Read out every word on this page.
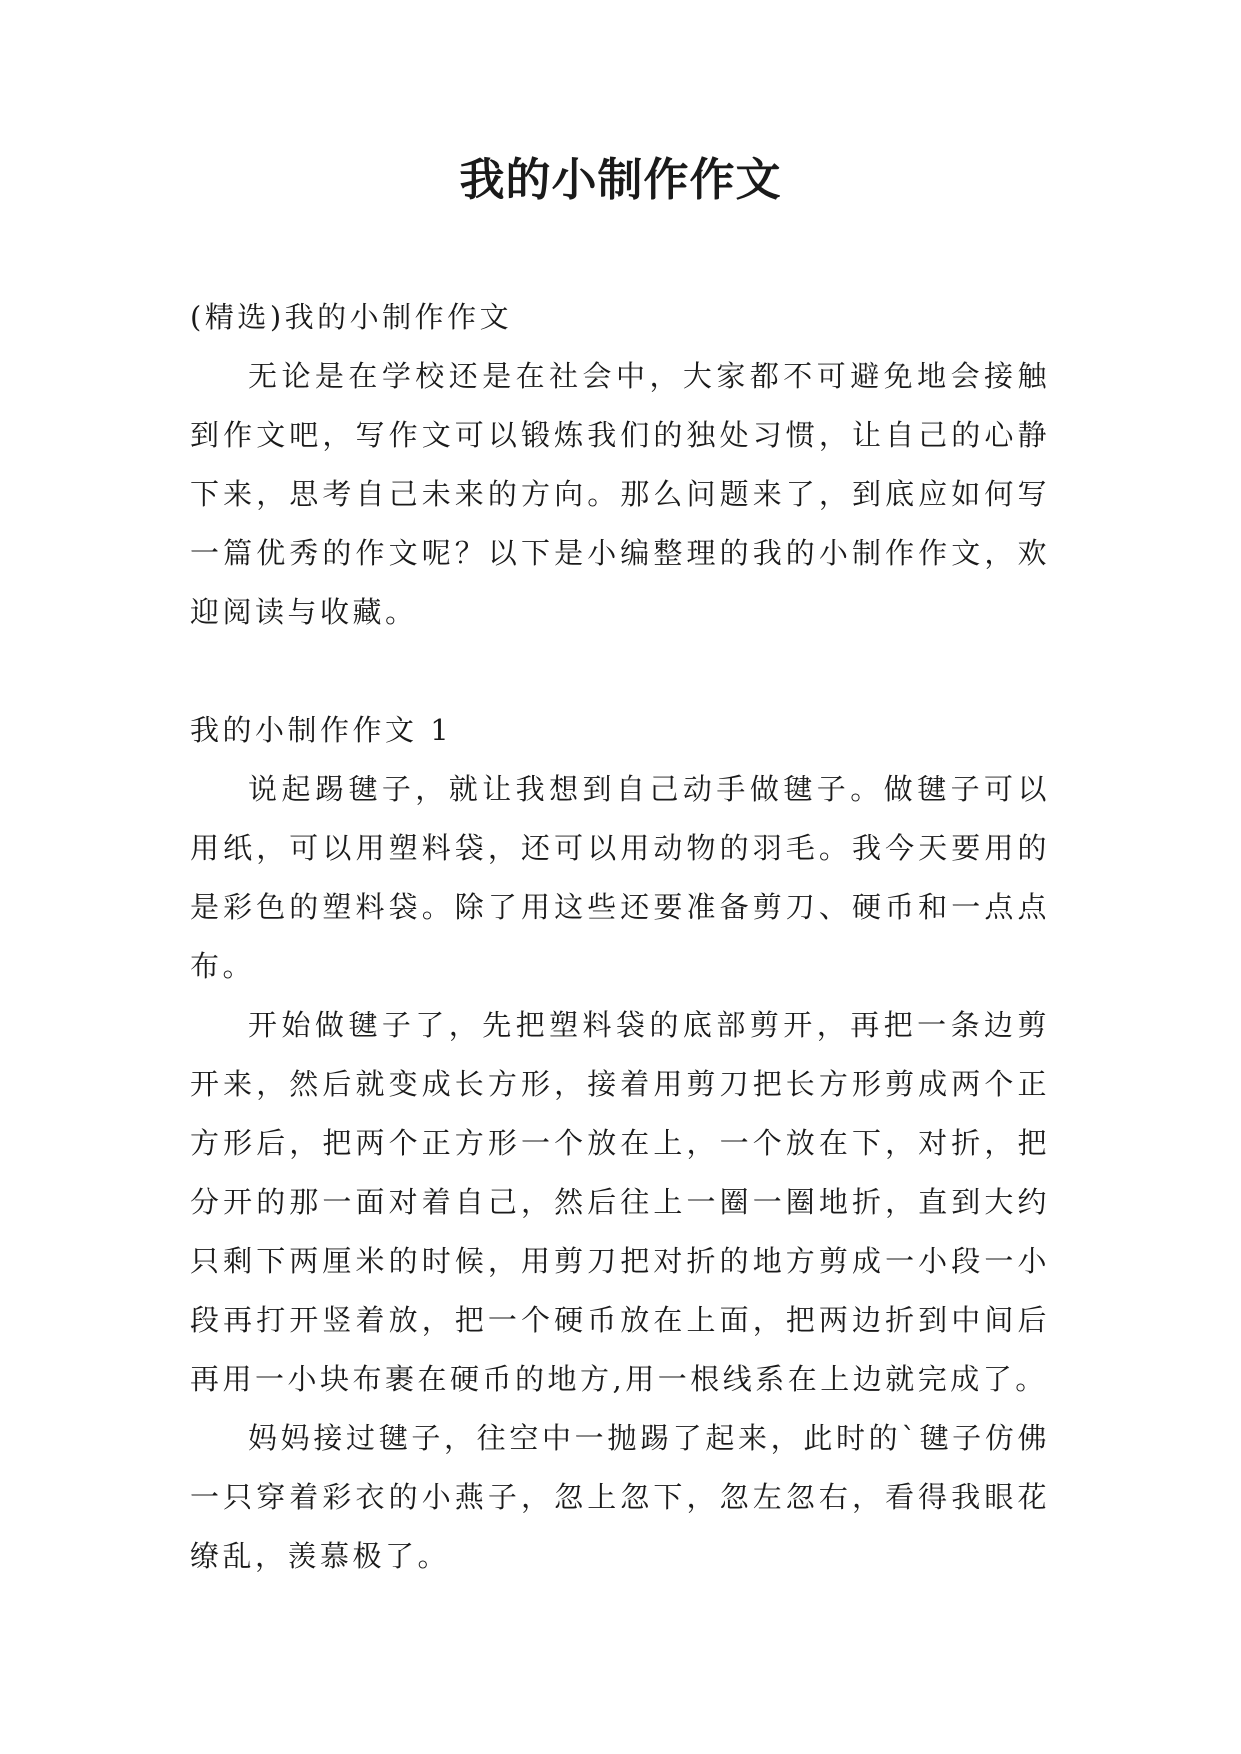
我的小制作作文

(精选)我的小制作作文

无论是在学校还是在社会中，大家都不可避免地会接触到作文吧，写作文可以锻炼我们的独处习惯，让自己的心静下来，思考自己未来的方向。那么问题来了，到底应如何写一篇优秀的作文呢？以下是小编整理的我的小制作作文，欢迎阅读与收藏。

我的小制作作文 1

说起踢毽子，就让我想到自己动手做毽子。做毽子可以用纸，可以用塑料袋，还可以用动物的羽毛。我今天要用的是彩色的塑料袋。除了用这些还要准备剪刀、硬币和一点点布。

开始做毽子了，先把塑料袋的底部剪开，再把一条边剪开来，然后就变成长方形，接着用剪刀把长方形剪成两个正方形后，把两个正方形一个放在上，一个放在下，对折，把分开的那一面对着自己，然后往上一圈一圈地折，直到大约只剩下两厘米的时候，用剪刀把对折的地方剪成一小段一小段再打开竖着放，把一个硬币放在上面，把两边折到中间后再用一小块布裹在硬币的地方,用一根线系在上边就完成了。

妈妈接过毽子，往空中一抛踢了起来，此时的`毽子仿佛一只穿着彩衣的小燕子，忽上忽下，忽左忽右，看得我眼花缭乱，羡慕极了。
